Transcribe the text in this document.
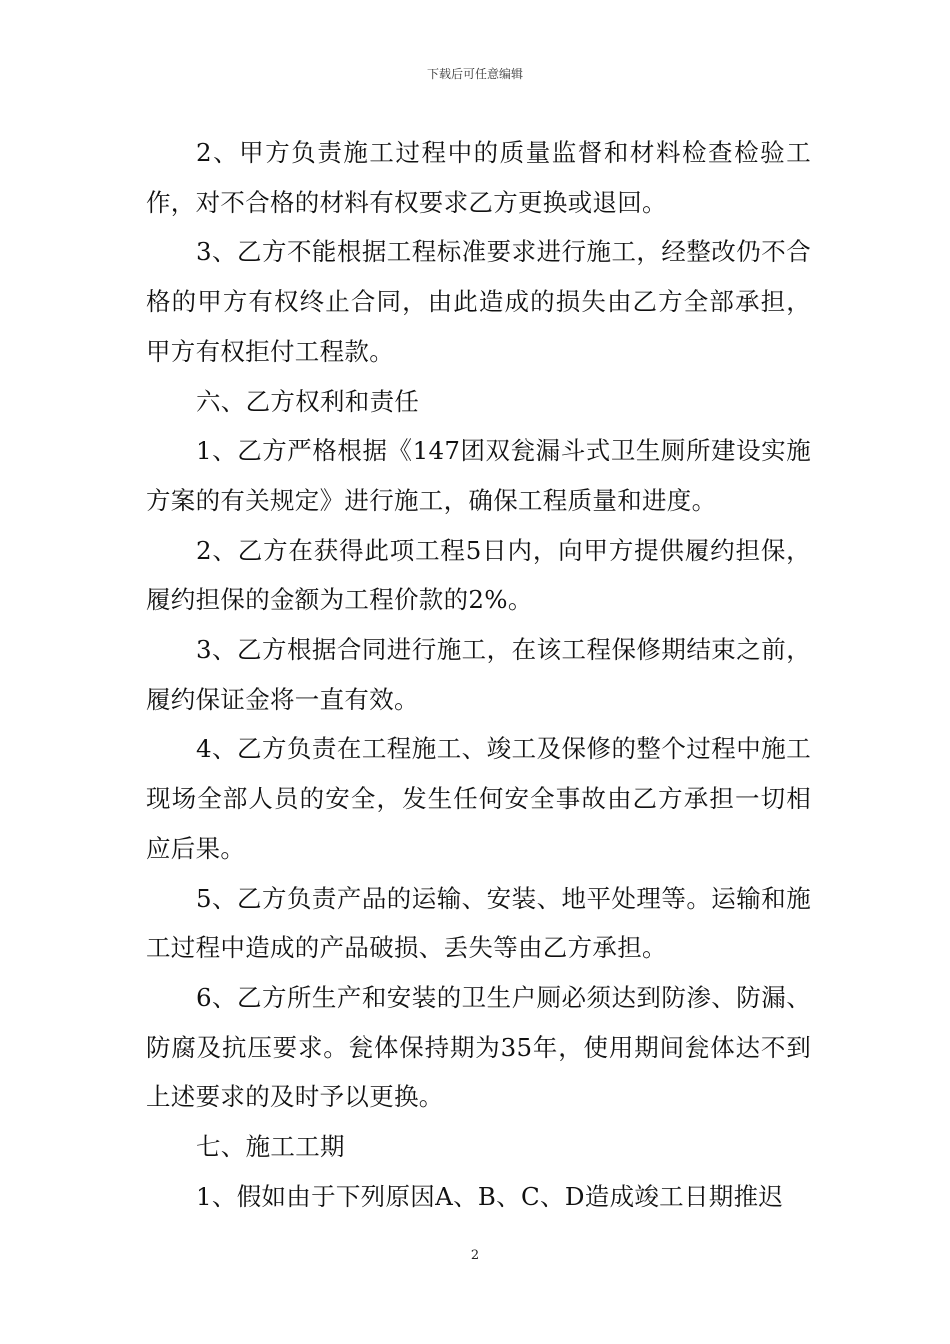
下载后可任意编辑

2、甲方负责施工过程中的质量监督和材料检查检验工作，对不合格的材料有权要求乙方更换或退回。

3、乙方不能根据工程标准要求进行施工，经整改仍不合格的甲方有权终止合同，由此造成的损失由乙方全部承担，甲方有权拒付工程款。

六、乙方权利和责任

1、乙方严格根据《147团双瓮漏斗式卫生厕所建设实施方案的有关规定》进行施工，确保工程质量和进度。

2、乙方在获得此项工程5日内，向甲方提供履约担保，履约担保的金额为工程价款的2%。

3、乙方根据合同进行施工，在该工程保修期结束之前，履约保证金将一直有效。

4、乙方负责在工程施工、竣工及保修的整个过程中施工现场全部人员的安全，发生任何安全事故由乙方承担一切相应后果。

5、乙方负责产品的运输、安装、地平处理等。运输和施工过程中造成的产品破损、丢失等由乙方承担。

6、乙方所生产和安装的卫生户厕必须达到防渗、防漏、防腐及抗压要求。瓮体保持期为35年，使用期间瓮体达不到上述要求的及时予以更换。

七、施工工期

1、假如由于下列原因A、B、C、D造成竣工日期推迟

2
